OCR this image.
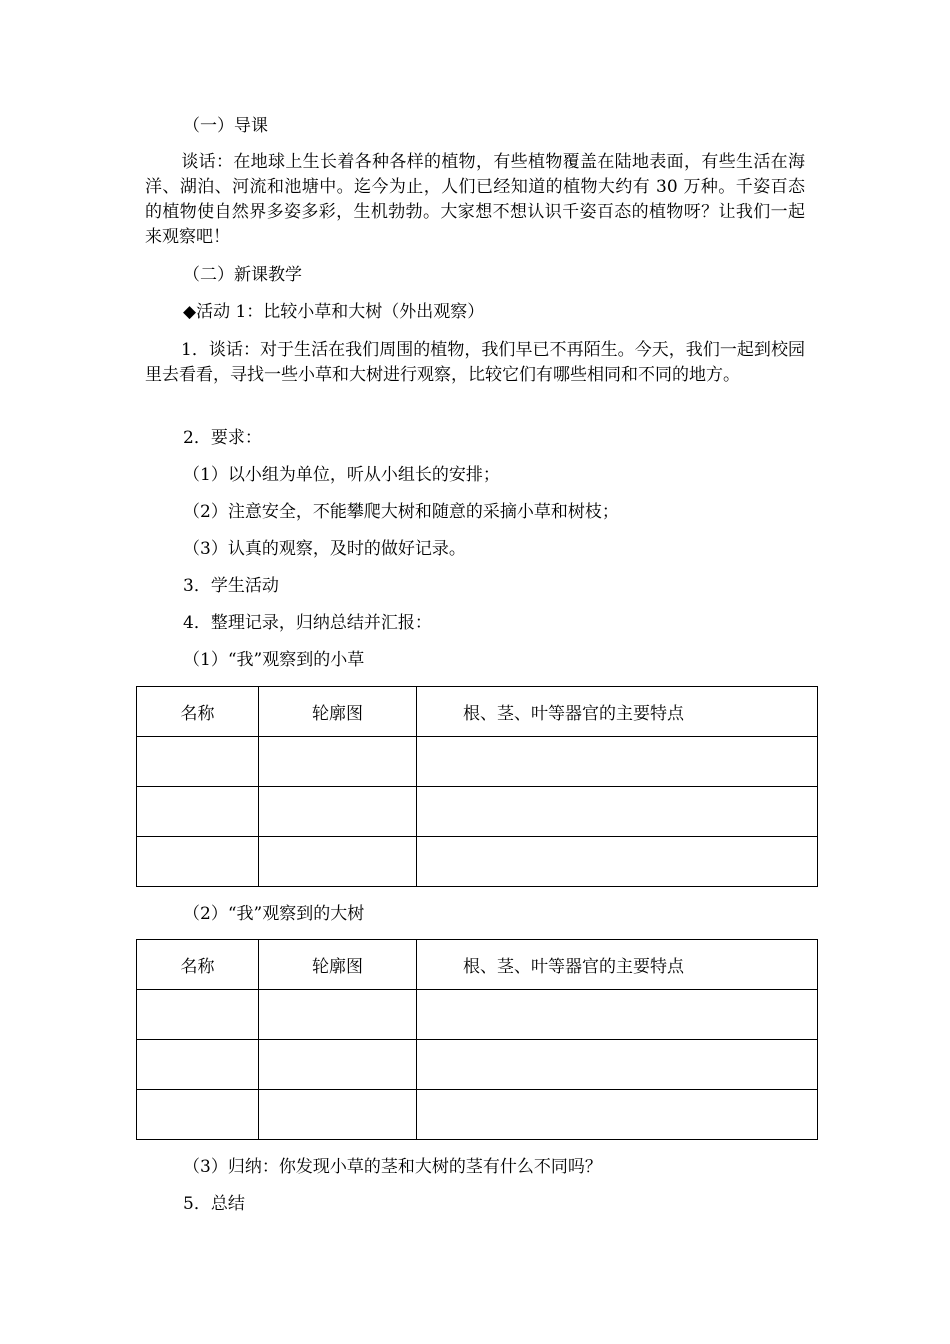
（一）导课
谈话：在地球上生长着各种各样的植物，有些植物覆盖在陆地表面，有些生活在海洋、湖泊、河流和池塘中。迄今为止，人们已经知道的植物大约有 30 万种。千姿百态的植物使自然界多姿多彩，生机勃勃。大家想不想认识千姿百态的植物呀？让我们一起来观察吧！
（二）新课教学
◆活动 1：比较小草和大树（外出观察）
1．谈话：对于生活在我们周围的植物，我们早已不再陌生。今天，我们一起到校园里去看看，寻找一些小草和大树进行观察，比较它们有哪些相同和不同的地方。
2．要求：
（1）以小组为单位，听从小组长的安排；
（2）注意安全，不能攀爬大树和随意的采摘小草和树枝；
（3）认真的观察，及时的做好记录。
3．学生活动
4．整理记录，归纳总结并汇报：
（1）“我”观察到的小草
名称	轮廓图	根、茎、叶等器官的主要特点

（2）“我”观察到的大树
名称	轮廓图	根、茎、叶等器官的主要特点

（3）归纳：你发现小草的茎和大树的茎有什么不同吗？
5．总结
